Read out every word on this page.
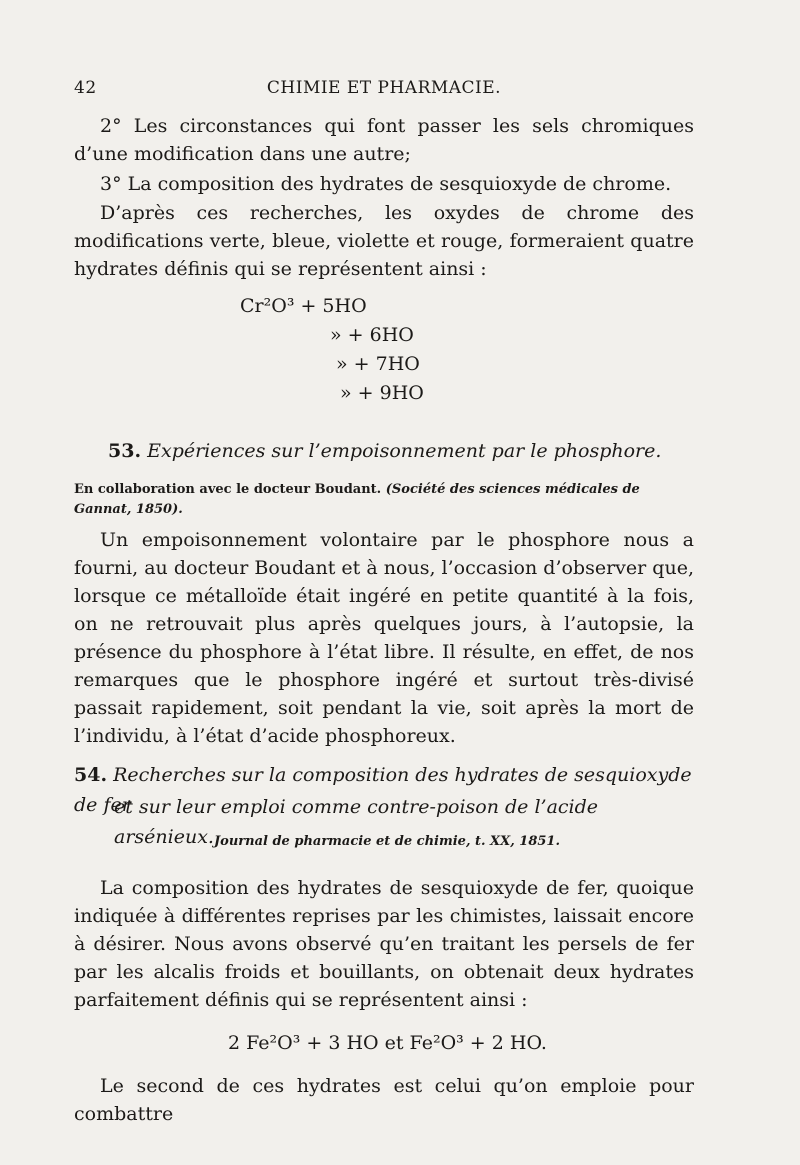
42	CHIMIE ET PHARMACIE.

2° Les circonstances qui font passer les sels chromiques d’une modification dans une autre;

3° La composition des hydrates de sesquioxyde de chrome.

D’après ces recherches, les oxydes de chrome des modifications verte, bleue, violette et rouge, formeraient quatre hydrates définis qui se représentent ainsi :

Cr²O³ + 5HO
» + 6HO
» + 7HO
» + 9HO
53. Expériences sur l’empoisonnement par le phosphore.
En collaboration avec le docteur Boudant. (Société des sciences médicales de Gannat, 1850).

Un empoisonnement volontaire par le phosphore nous a fourni, au docteur Boudant et à nous, l’occasion d’observer que, lorsque ce métalloïde était ingéré en petite quantité à la fois, on ne retrouvait plus après quelques jours, à l’autopsie, la présence du phosphore à l’état libre. Il résulte, en effet, de nos remarques que le phosphore ingéré et surtout très-divisé passait rapidement, soit pendant la vie, soit après la mort de l’individu, à l’état d’acide phosphoreux.

54. Recherches sur la composition des hydrates de sesquioxyde de fer
et sur leur emploi comme contre-poison de l’acide arsénieux. Journal de pharmacie et de chimie, t. XX, 1851.

La composition des hydrates de sesquioxyde de fer, quoique indiquée à différentes reprises par les chimistes, laissait encore à désirer. Nous avons observé qu’en traitant les persels de fer par les alcalis froids et bouillants, on obtenait deux hydrates parfaitement définis qui se représentent ainsi :

2 Fe²O³ + 3 HO et Fe²O³ + 2 HO.

Le second de ces hydrates est celui qu’on emploie pour combattre
